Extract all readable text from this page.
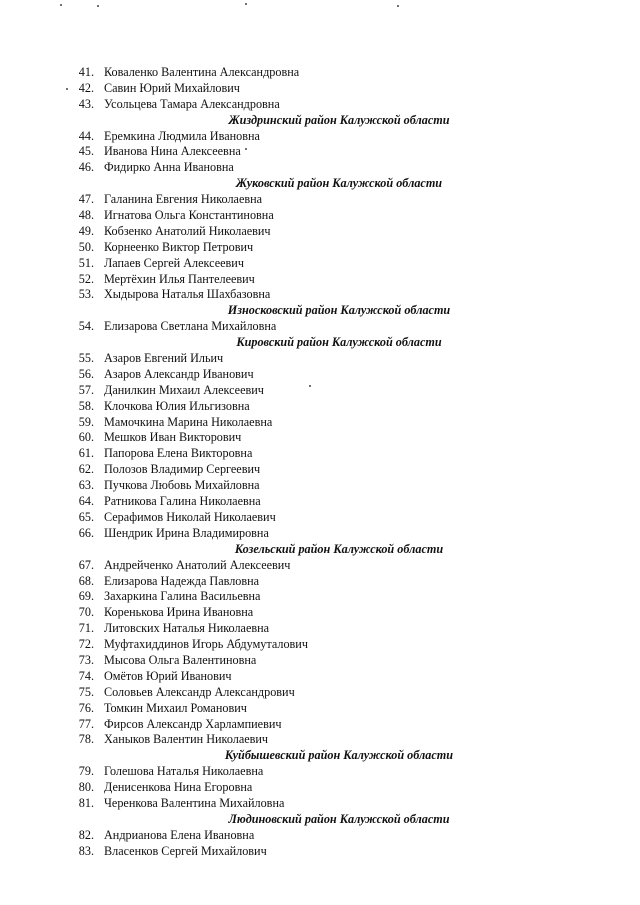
41. Коваленко Валентина Александровна
42. Савин Юрий Михайлович
43. Усольцева Тамара Александровна
Жиздринский район Калужской области
44. Еремкина Людмила Ивановна
45. Иванова Нина Алексеевна
46. Фидирко Анна Ивановна
Жуковский район Калужской области
47. Галанина Евгения Николаевна
48. Игнатова Ольга Константиновна
49. Кобзенко Анатолий Николаевич
50. Корнеенко Виктор Петрович
51. Лапаев Сергей Алексеевич
52. Мертёхин Илья Пантелеевич
53. Хыдырова Наталья Шахбазовна
Износковский район Калужской области
54. Елизарова Светлана Михайловна
Кировский район Калужской области
55. Азаров Евгений Ильич
56. Азаров Александр Иванович
57. Данилкин Михаил Алексеевич
58. Клочкова Юлия Ильгизовна
59. Мамочкина Марина Николаевна
60. Мешков Иван Викторович
61. Папорова Елена Викторовна
62. Полозов Владимир Сергеевич
63. Пучкова Любовь Михайловна
64. Ратникова Галина Николаевна
65. Серафимов Николай Николаевич
66. Шендрик Ирина Владимировна
Козельский район Калужской области
67. Андрейченко Анатолий Алексеевич
68. Елизарова Надежда Павловна
69. Захаркина Галина Васильевна
70. Коренькова Ирина Ивановна
71. Литовских Наталья Николаевна
72. Муфтахиддинов Игорь Абдумуталович
73. Мысова Ольга Валентиновна
74. Омётов Юрий Иванович
75. Соловьев Александр Александрович
76. Томкин Михаил Романович
77. Фирсов Александр Харлампиевич
78. Ханыков Валентин Николаевич
Куйбышевский район Калужской области
79. Голешова Наталья Николаевна
80. Денисенкова Нина Егоровна
81. Черенкова Валентина Михайловна
Людиновский район Калужской области
82. Андрианова Елена Ивановна
83. Власенков Сергей Михайлович
